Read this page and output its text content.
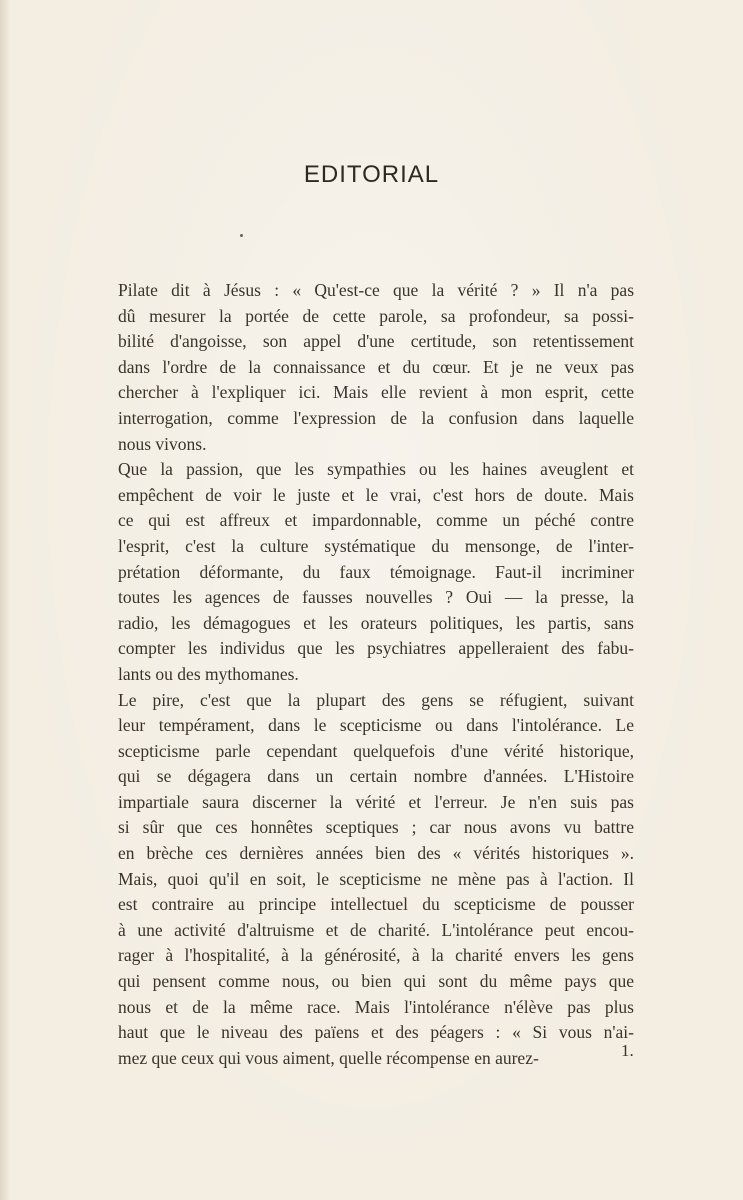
EDITORIAL

Pilate dit à Jésus : « Qu'est-ce que la vérité ? » Il n'a pas
dû mesurer la portée de cette parole, sa profondeur, sa possi-
bilité d'angoisse, son appel d'une certitude, son retentissement
dans l'ordre de la connaissance et du cœur. Et je ne veux pas
chercher à l'expliquer ici. Mais elle revient à mon esprit, cette
interrogation, comme l'expression de la confusion dans laquelle
nous vivons.

Que la passion, que les sympathies ou les haines aveuglent et
empêchent de voir le juste et le vrai, c'est hors de doute. Mais
ce qui est affreux et impardonnable, comme un péché contre
l'esprit, c'est la culture systématique du mensonge, de l'inter-
prétation déformante, du faux témoignage. Faut-il incriminer
toutes les agences de fausses nouvelles ? Oui — la presse, la
radio, les démagogues et les orateurs politiques, les partis, sans
compter les individus que les psychiatres appelleraient des fabu-
lants ou des mythomanes.

Le pire, c'est que la plupart des gens se réfugient, suivant
leur tempérament, dans le scepticisme ou dans l'intolérance. Le
scepticisme parle cependant quelquefois d'une vérité historique,
qui se dégagera dans un certain nombre d'années. L'Histoire
impartiale saura discerner la vérité et l'erreur. Je n'en suis pas
si sûr que ces honnêtes sceptiques ; car nous avons vu battre
en brèche ces dernières années bien des « vérités historiques ».
Mais, quoi qu'il en soit, le scepticisme ne mène pas à l'action. Il
est contraire au principe intellectuel du scepticisme de pousser
à une activité d'altruisme et de charité. L'intolérance peut encou-
rager à l'hospitalité, à la générosité, à la charité envers les gens
qui pensent comme nous, ou bien qui sont du même pays que
nous et de la même race. Mais l'intolérance n'élève pas plus
haut que le niveau des païens et des péagers : « Si vous n'ai-
mez que ceux qui vous aiment, quelle récompense en aurez-	1.
